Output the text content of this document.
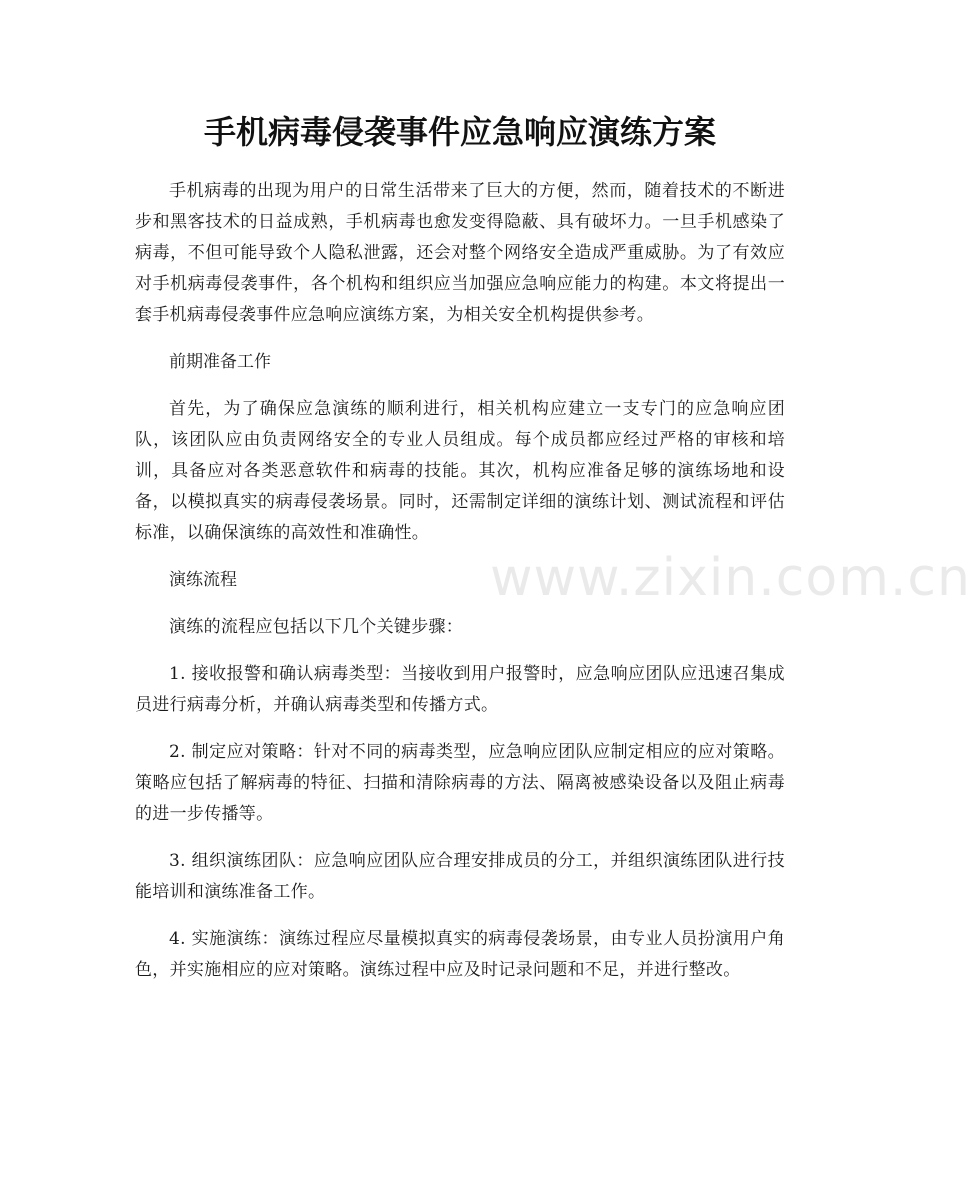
手机病毒侵袭事件应急响应演练方案

手机病毒的出现为用户的日常生活带来了巨大的方便，然而，随着技术的不断进步和黑客技术的日益成熟，手机病毒也愈发变得隐蔽、具有破坏力。一旦手机感染了病毒，不但可能导致个人隐私泄露，还会对整个网络安全造成严重威胁。为了有效应对手机病毒侵袭事件，各个机构和组织应当加强应急响应能力的构建。本文将提出一套手机病毒侵袭事件应急响应演练方案，为相关安全机构提供参考。

前期准备工作

首先，为了确保应急演练的顺利进行，相关机构应建立一支专门的应急响应团队，该团队应由负责网络安全的专业人员组成。每个成员都应经过严格的审核和培训，具备应对各类恶意软件和病毒的技能。其次，机构应准备足够的演练场地和设备，以模拟真实的病毒侵袭场景。同时，还需制定详细的演练计划、测试流程和评估标准，以确保演练的高效性和准确性。

演练流程

演练的流程应包括以下几个关键步骤：

1. 接收报警和确认病毒类型：当接收到用户报警时，应急响应团队应迅速召集成员进行病毒分析，并确认病毒类型和传播方式。

2. 制定应对策略：针对不同的病毒类型，应急响应团队应制定相应的应对策略。策略应包括了解病毒的特征、扫描和清除病毒的方法、隔离被感染设备以及阻止病毒的进一步传播等。

3. 组织演练团队：应急响应团队应合理安排成员的分工，并组织演练团队进行技能培训和演练准备工作。

4. 实施演练：演练过程应尽量模拟真实的病毒侵袭场景，由专业人员扮演用户角色，并实施相应的应对策略。演练过程中应及时记录问题和不足，并进行整改。

www.zixin.com.cn
